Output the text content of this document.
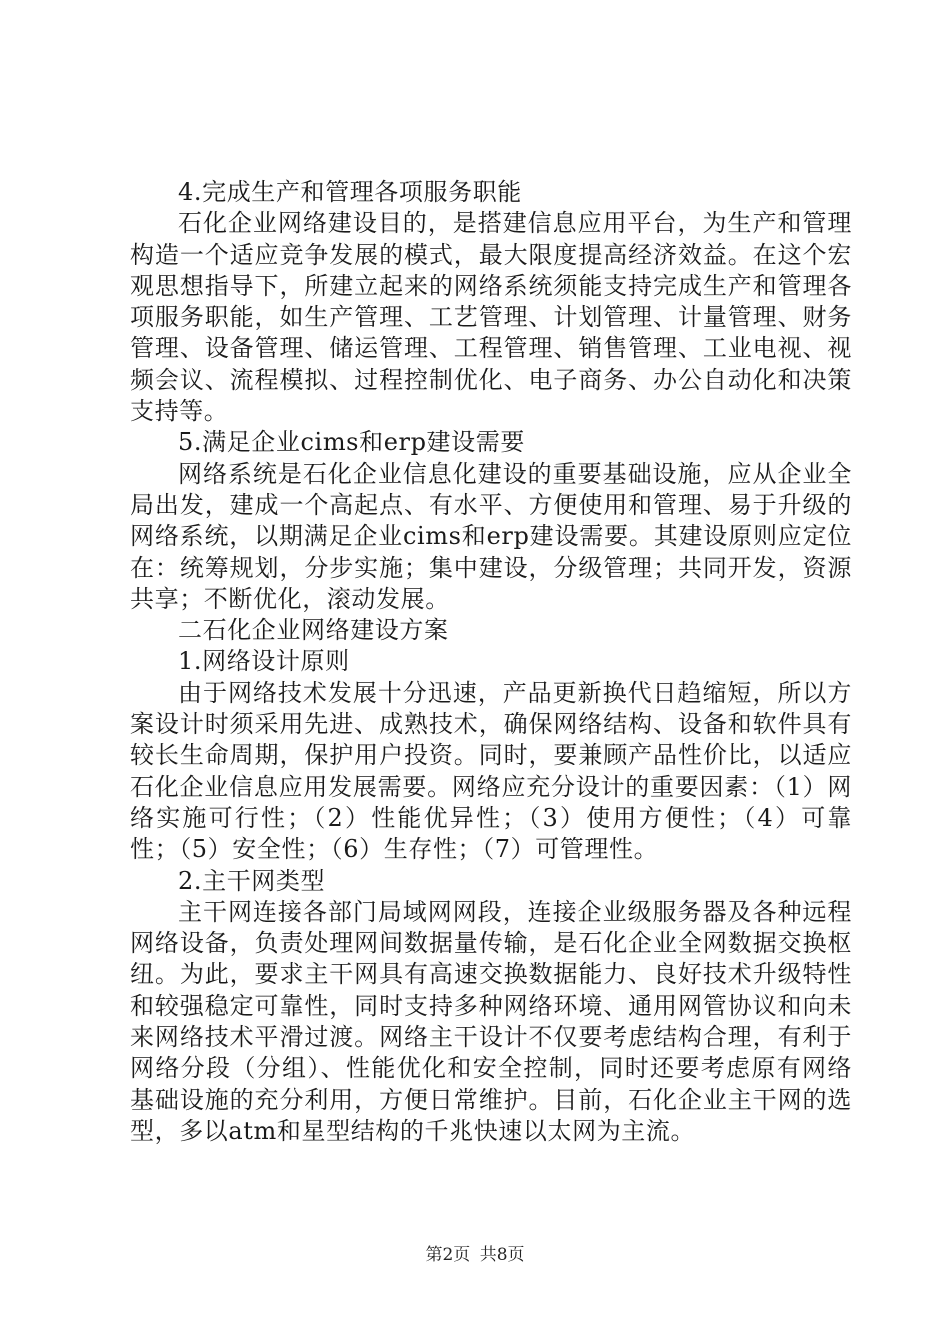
4.完成生产和管理各项服务职能

石化企业网络建设目的，是搭建信息应用平台，为生产和管理构造一个适应竞争发展的模式，最大限度提高经济效益。在这个宏观思想指导下，所建立起来的网络系统须能支持完成生产和管理各项服务职能，如生产管理、工艺管理、计划管理、计量管理、财务管理、设备管理、储运管理、工程管理、销售管理、工业电视、视频会议、流程模拟、过程控制优化、电子商务、办公自动化和决策支持等。

5.满足企业cims和erp建设需要

网络系统是石化企业信息化建设的重要基础设施，应从企业全局出发，建成一个高起点、有水平、方便使用和管理、易于升级的网络系统，以期满足企业cims和erp建设需要。其建设原则应定位在：统筹规划，分步实施；集中建设，分级管理；共同开发，资源共享；不断优化，滚动发展。

二石化企业网络建设方案

1.网络设计原则

由于网络技术发展十分迅速，产品更新换代日趋缩短，所以方案设计时须采用先进、成熟技术，确保网络结构、设备和软件具有较长生命周期，保护用户投资。同时，要兼顾产品性价比，以适应石化企业信息应用发展需要。网络应充分设计的重要因素：（1）网络实施可行性；（2）性能优异性；（3）使用方便性；（4）可靠性；（5）安全性；（6）生存性；（7）可管理性。

2.主干网类型

主干网连接各部门局域网网段，连接企业级服务器及各种远程网络设备，负责处理网间数据量传输，是石化企业全网数据交换枢纽。为此，要求主干网具有高速交换数据能力、良好技术升级特性和较强稳定可靠性，同时支持多种网络环境、通用网管协议和向未来网络技术平滑过渡。网络主干设计不仅要考虑结构合理，有利于网络分段（分组）、性能优化和安全控制，同时还要考虑原有网络基础设施的充分利用，方便日常维护。目前，石化企业主干网的选型，多以atm和星型结构的千兆快速以太网为主流。

第2页 共8页
